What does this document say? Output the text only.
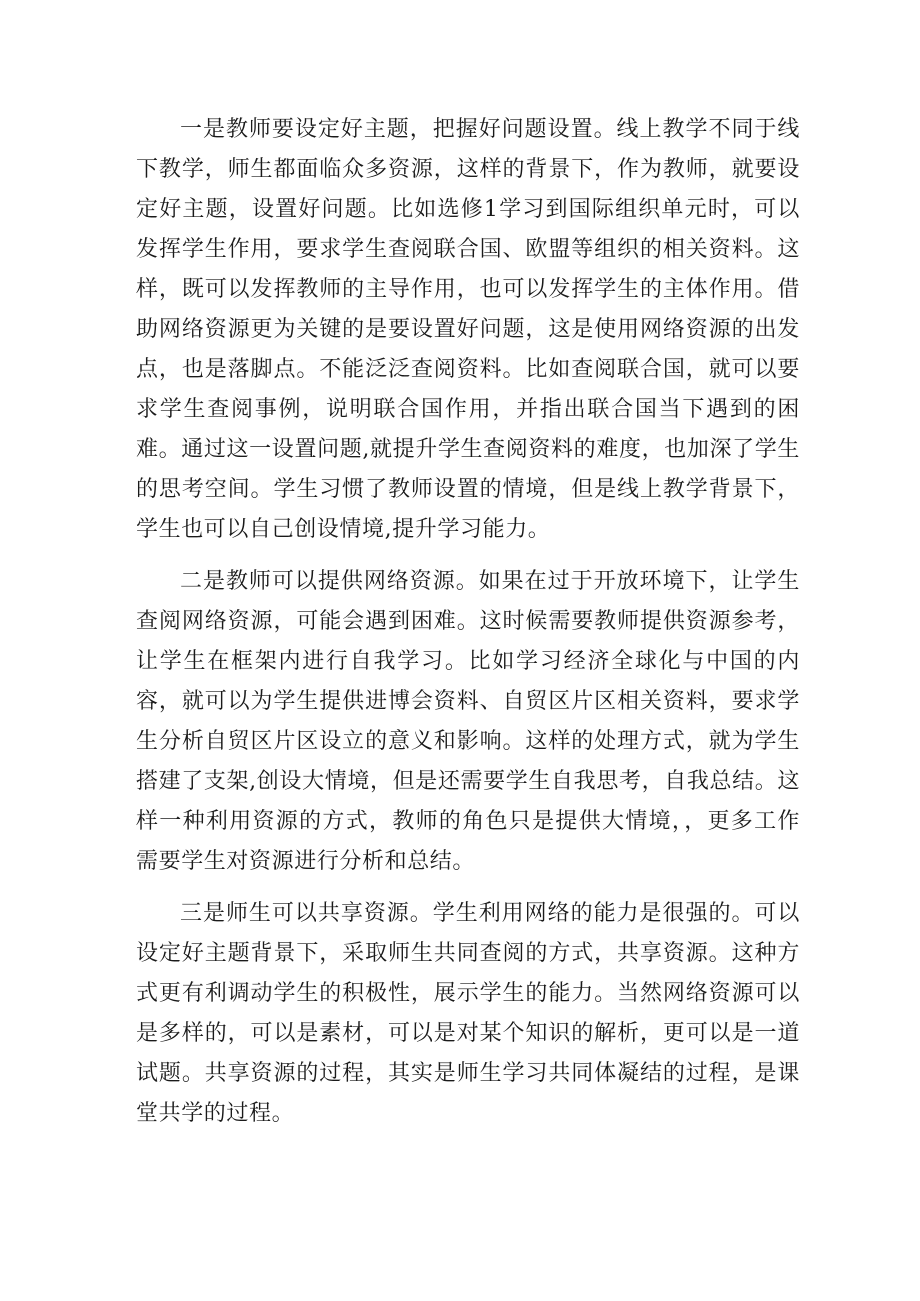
一是教师要设定好主题，把握好问题设置。线上教学不同于线下教学，师生都面临众多资源，这样的背景下，作为教师，就要设定好主题，设置好问题。比如选修1学习到国际组织单元时，可以发挥学生作用，要求学生查阅联合国、欧盟等组织的相关资料。这样，既可以发挥教师的主导作用，也可以发挥学生的主体作用。借助网络资源更为关键的是要设置好问题，这是使用网络资源的出发点，也是落脚点。不能泛泛查阅资料。比如查阅联合国，就可以要求学生查阅事例，说明联合国作用，并指出联合国当下遇到的困难。通过这一设置问题,就提升学生查阅资料的难度，也加深了学生的思考空间。学生习惯了教师设置的情境，但是线上教学背景下，学生也可以自己创设情境,提升学习能力。

二是教师可以提供网络资源。如果在过于开放环境下，让学生查阅网络资源，可能会遇到困难。这时候需要教师提供资源参考，让学生在框架内进行自我学习。比如学习经济全球化与中国的内容，就可以为学生提供进博会资料、自贸区片区相关资料，要求学生分析自贸区片区设立的意义和影响。这样的处理方式，就为学生搭建了支架,创设大情境，但是还需要学生自我思考，自我总结。这样一种利用资源的方式，教师的角色只是提供大情境，，更多工作需要学生对资源进行分析和总结。

三是师生可以共享资源。学生利用网络的能力是很强的。可以设定好主题背景下，采取师生共同查阅的方式，共享资源。这种方式更有利调动学生的积极性，展示学生的能力。当然网络资源可以是多样的，可以是素材，可以是对某个知识的解析，更可以是一道试题。共享资源的过程，其实是师生学习共同体凝结的过程，是课堂共学的过程。
